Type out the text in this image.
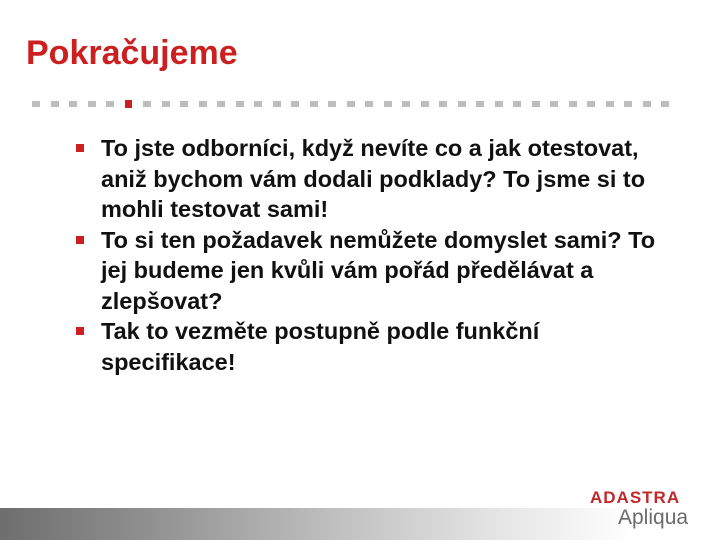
Pokračujeme
To jste odborníci, když nevíte co a jak otestovat, aniž bychom vám dodali podklady? To jsme si to mohli testovat sami!
To si ten požadavek nemůžete domyslet sami? To jej budeme jen kvůli vám pořád předělávat a zlepšovat?
Tak to vezměte postupně podle funkční specifikace!
ADASTRA
Apliqua
